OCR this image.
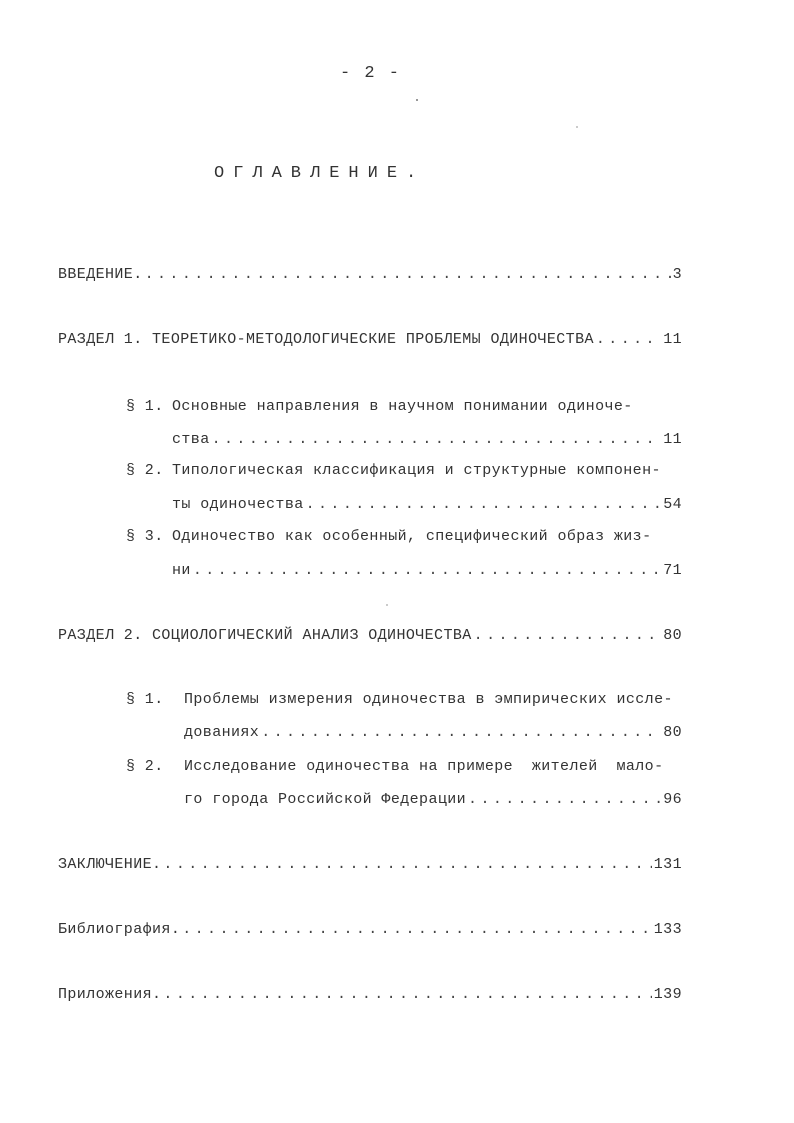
- 2 -
ОГЛАВЛЕНИЕ.
ВВЕДЕНИЕ. .....	3
РАЗДЕЛ 1. ТЕОРЕТИКО-МЕТОДОЛОГИЧЕСКИЕ ПРОБЛЕМЫ ОДИНОЧЕСТВА .....	11
§ 1. Основные направления в научном понимании одиноче-
ства .....	11
§ 2. Типологическая классификация и структурные компонен-
ты одиночества .....	54
§ 3. Одиночество как особенный, специфический образ жиз-
ни .....	71
РАЗДЕЛ 2. СОЦИОЛОГИЧЕСКИЙ АНАЛИЗ ОДИНОЧЕСТВА .....	80
§ 1. Проблемы измерения одиночества в эмпирических иссле-
дованиях .....	80
§ 2. Исследование одиночества на примере  жителей  мало-
го города Российской Федерации .....	96
ЗАКЛЮЧЕНИЕ. .....	131
Библиография. .....	133
Приложения. .....	139
